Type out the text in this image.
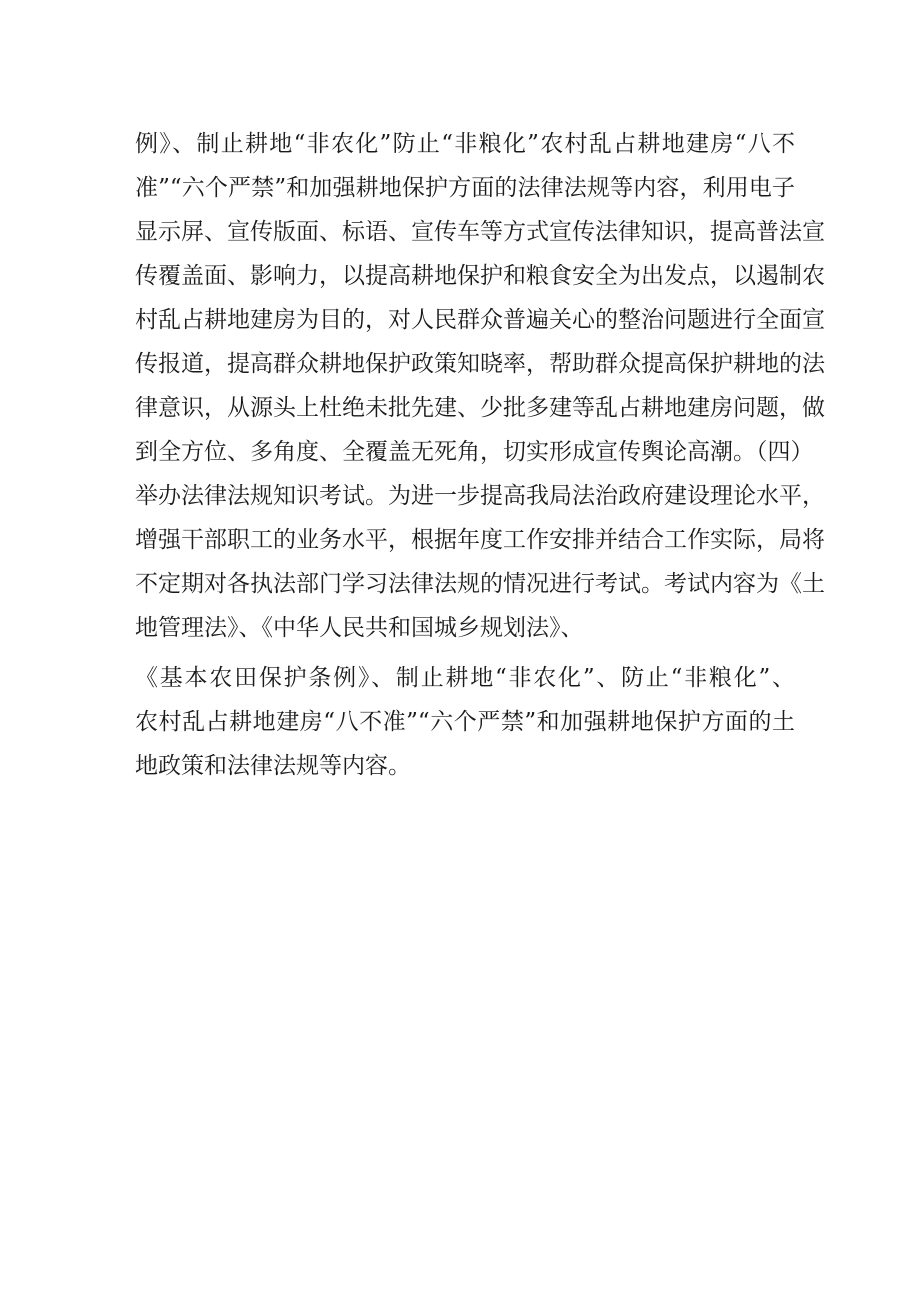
例》、制止耕地“非农化”防止“非粮化”农村乱占耕地建房“八不
准”“六个严禁”和加强耕地保护方面的法律法规等内容，利用电子
显示屏、宣传版面、标语、宣传车等方式宣传法律知识，提高普法宣
传覆盖面、影响力，以提高耕地保护和粮食安全为出发点，以遏制农
村乱占耕地建房为目的，对人民群众普遍关心的整治问题进行全面宣
传报道，提高群众耕地保护政策知晓率，帮助群众提高保护耕地的法
律意识，从源头上杜绝未批先建、少批多建等乱占耕地建房问题，做
到全方位、多角度、全覆盖无死角，切实形成宣传舆论高潮。（四）
举办法律法规知识考试。为进一步提高我局法治政府建设理论水平，
增强干部职工的业务水平，根据年度工作安排并结合工作实际，局将
不定期对各执法部门学习法律法规的情况进行考试。考试内容为《土
地管理法》、《中华人民共和国城乡规划法》、
《基本农田保护条例》、制止耕地“非农化”、防止“非粮化”、
农村乱占耕地建房“八不准”“六个严禁”和加强耕地保护方面的土
地政策和法律法规等内容。
